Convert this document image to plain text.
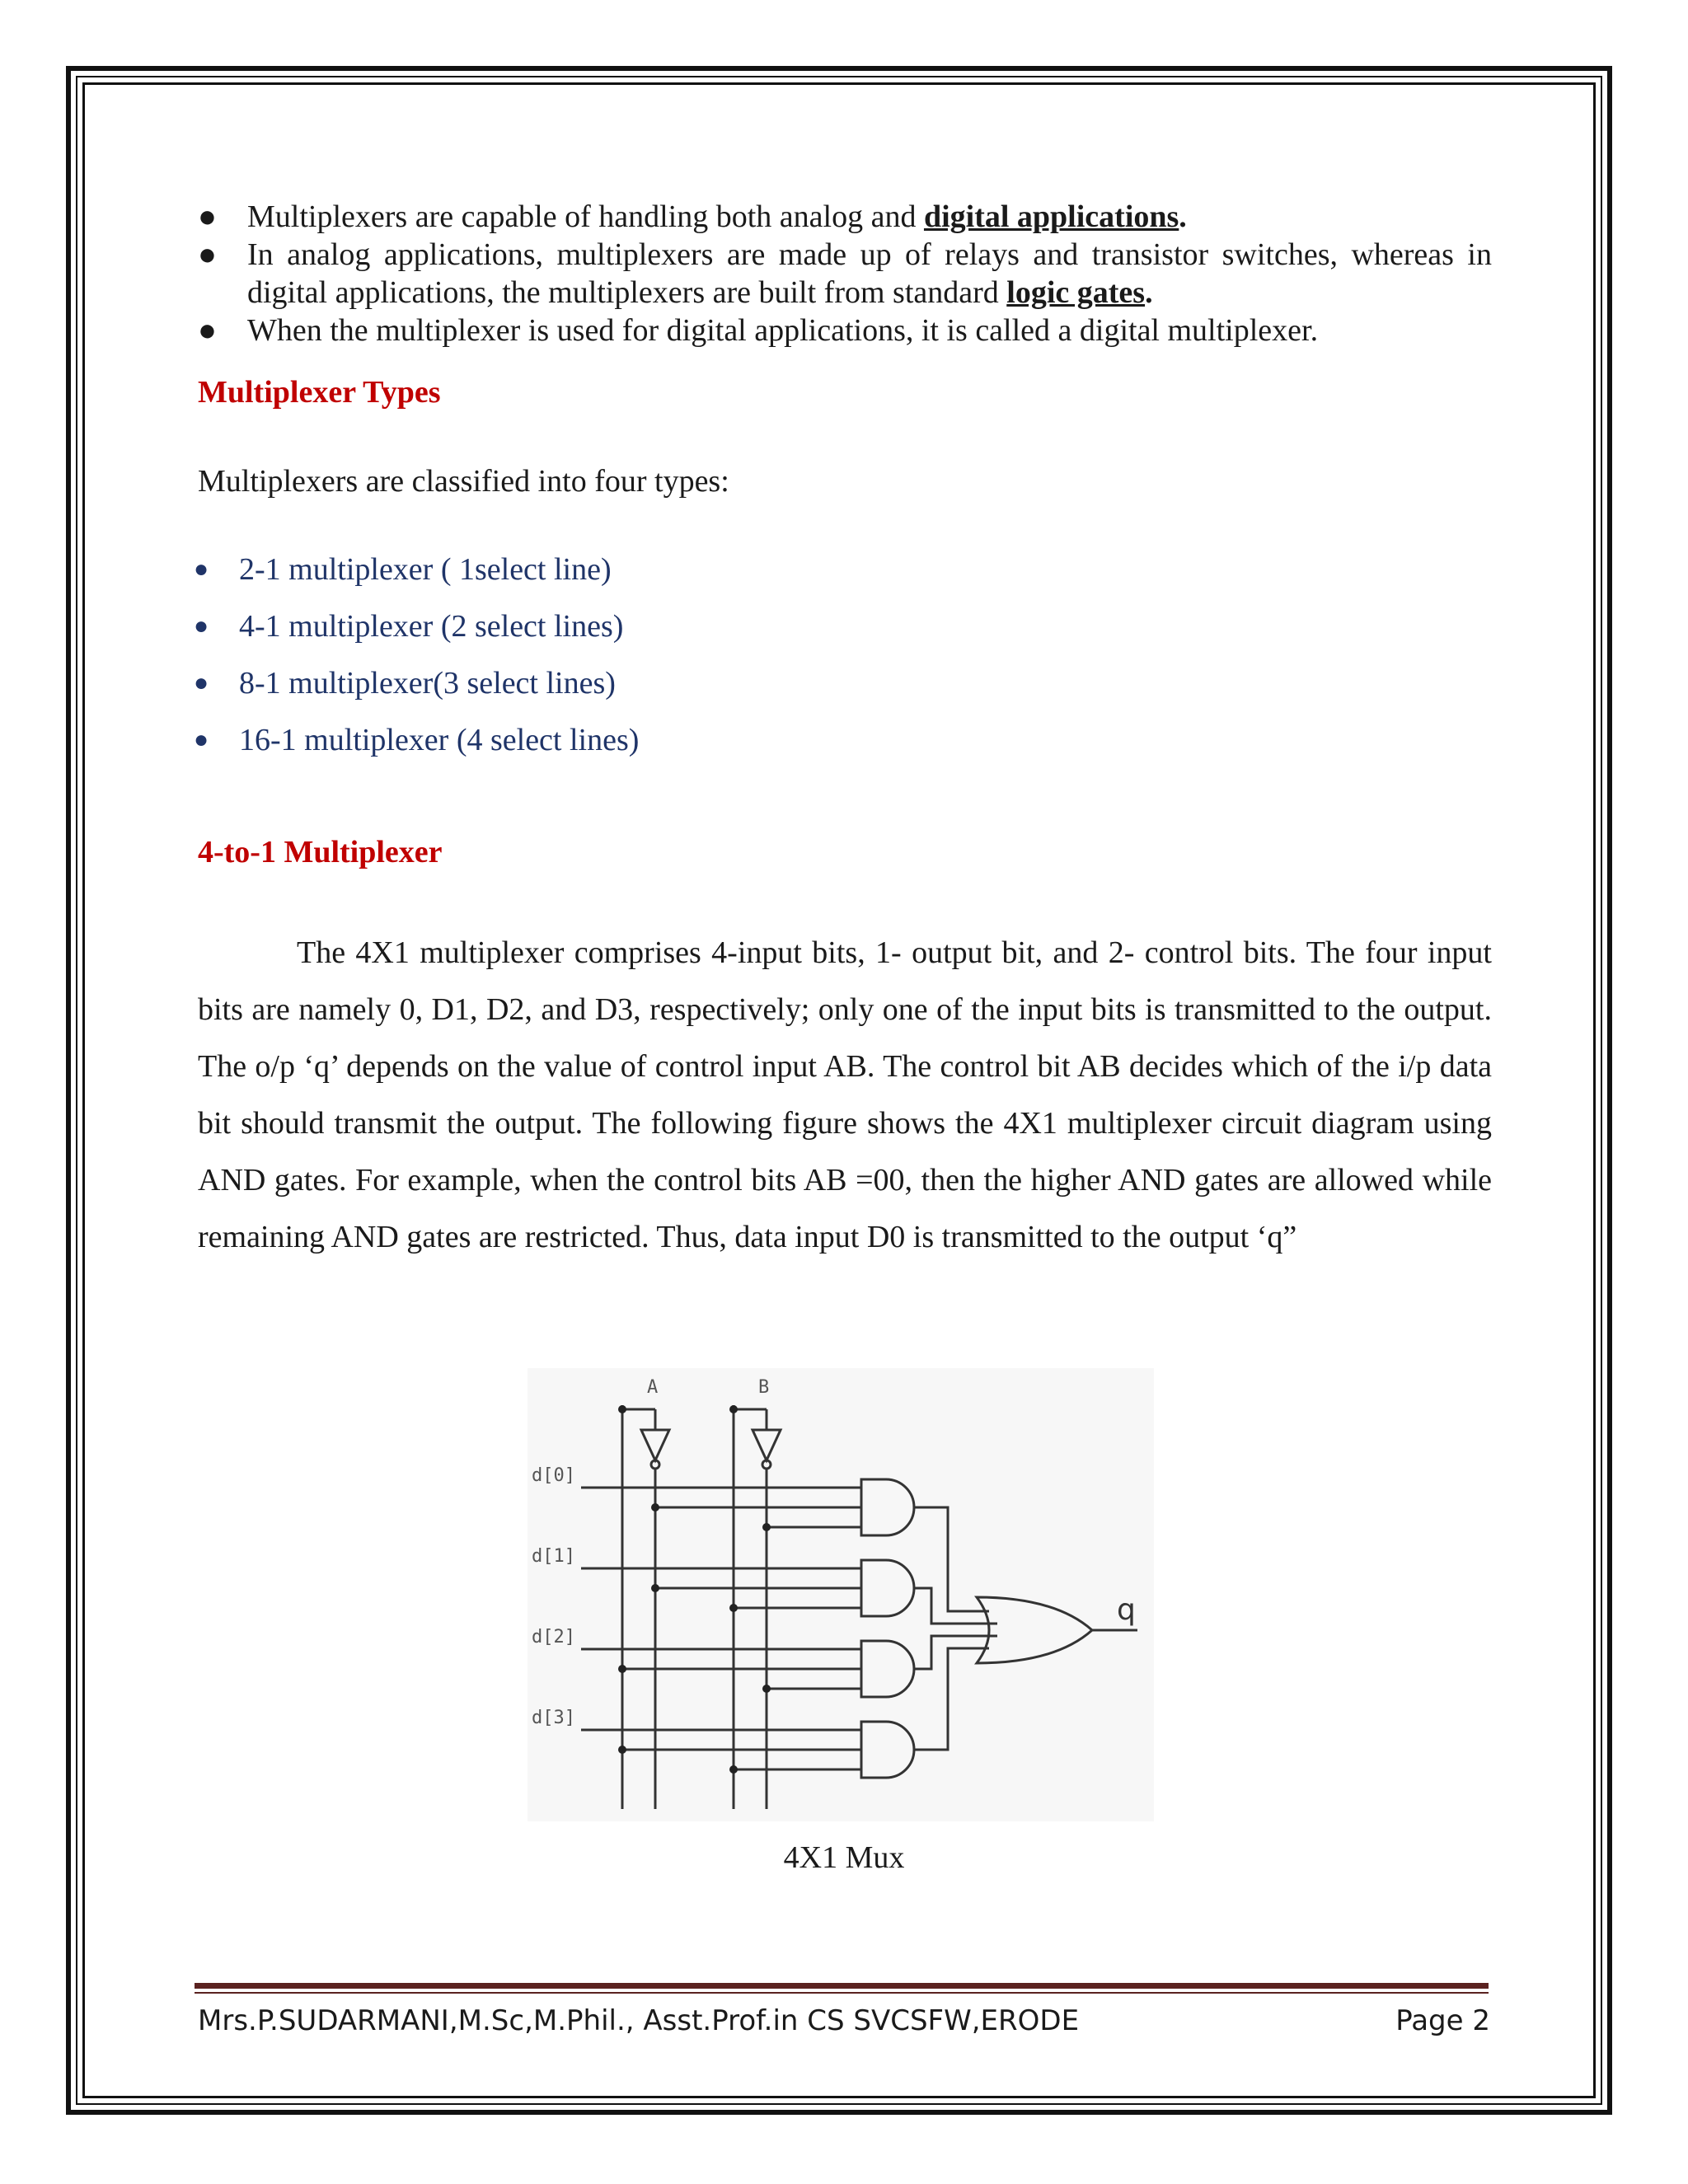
● Multiplexers are capable of handling both analog and digital applications.
● In analog applications, multiplexers are made up of relays and transistor switches, whereas in digital applications, the multiplexers are built from standard logic gates.
● When the multiplexer is used for digital applications, it is called a digital multiplexer.
Multiplexer Types
Multiplexers are classified into four types:
● 2-1 multiplexer ( 1select line)
● 4-1 multiplexer (2 select lines)
● 8-1 multiplexer(3 select lines)
● 16-1 multiplexer (4 select lines)
4-to-1 Multiplexer
The 4X1 multiplexer comprises 4-input bits, 1- output bit, and 2- control bits. The four input bits are namely 0, D1, D2, and D3, respectively; only one of the input bits is transmitted to the output. The o/p ‘q’ depends on the value of control input AB. The control bit AB decides which of the i/p data bit should transmit the output. The following figure shows the 4X1 multiplexer circuit diagram using AND gates. For example, when the control bits AB =00, then the higher AND gates are allowed while remaining AND gates are restricted. Thus, data input D0 is transmitted to the output ‘q”
A	B
d[0]
d[1]
d[2]
d[3]
q
4X1 Mux
Mrs.P.SUDARMANI,M.Sc,M.Phil., Asst.Prof.in CS SVCSFW,ERODE	Page 2
